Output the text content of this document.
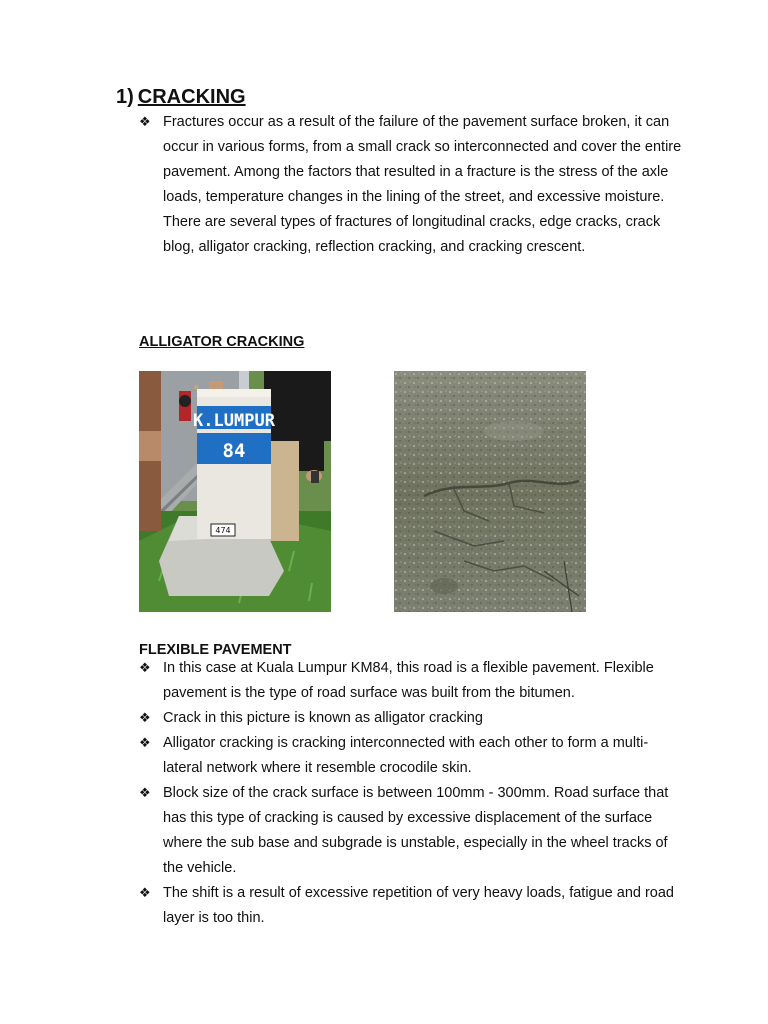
1) CRACKING
❖ Fractures occur as a result of the failure of the pavement surface broken, it can occur in various forms, from a small crack so interconnected and cover the entire pavement. Among the factors that resulted in a fracture is the stress of the axle loads, temperature changes in the lining of the street, and excessive moisture. There are several types of fractures of longitudinal cracks, edge cracks, crack blog, alligator cracking, reflection cracking, and cracking crescent.
ALLIGATOR CRACKING
K.LUMPUR
84
474
FLEXIBLE PAVEMENT
❖ In this case at Kuala Lumpur KM84, this road is a flexible pavement. Flexible pavement is the type of road surface was built from the bitumen.
❖ Crack in this picture is known as alligator cracking
❖ Alligator cracking is cracking interconnected with each other to form a multi-lateral network where it resemble crocodile skin.
❖ Block size of the crack surface is between 100mm - 300mm. Road surface that has this type of cracking is caused by excessive displacement of the surface where the sub base and subgrade is unstable, especially in the wheel tracks of the vehicle.
❖ The shift is a result of excessive repetition of very heavy loads, fatigue and road layer is too thin.
